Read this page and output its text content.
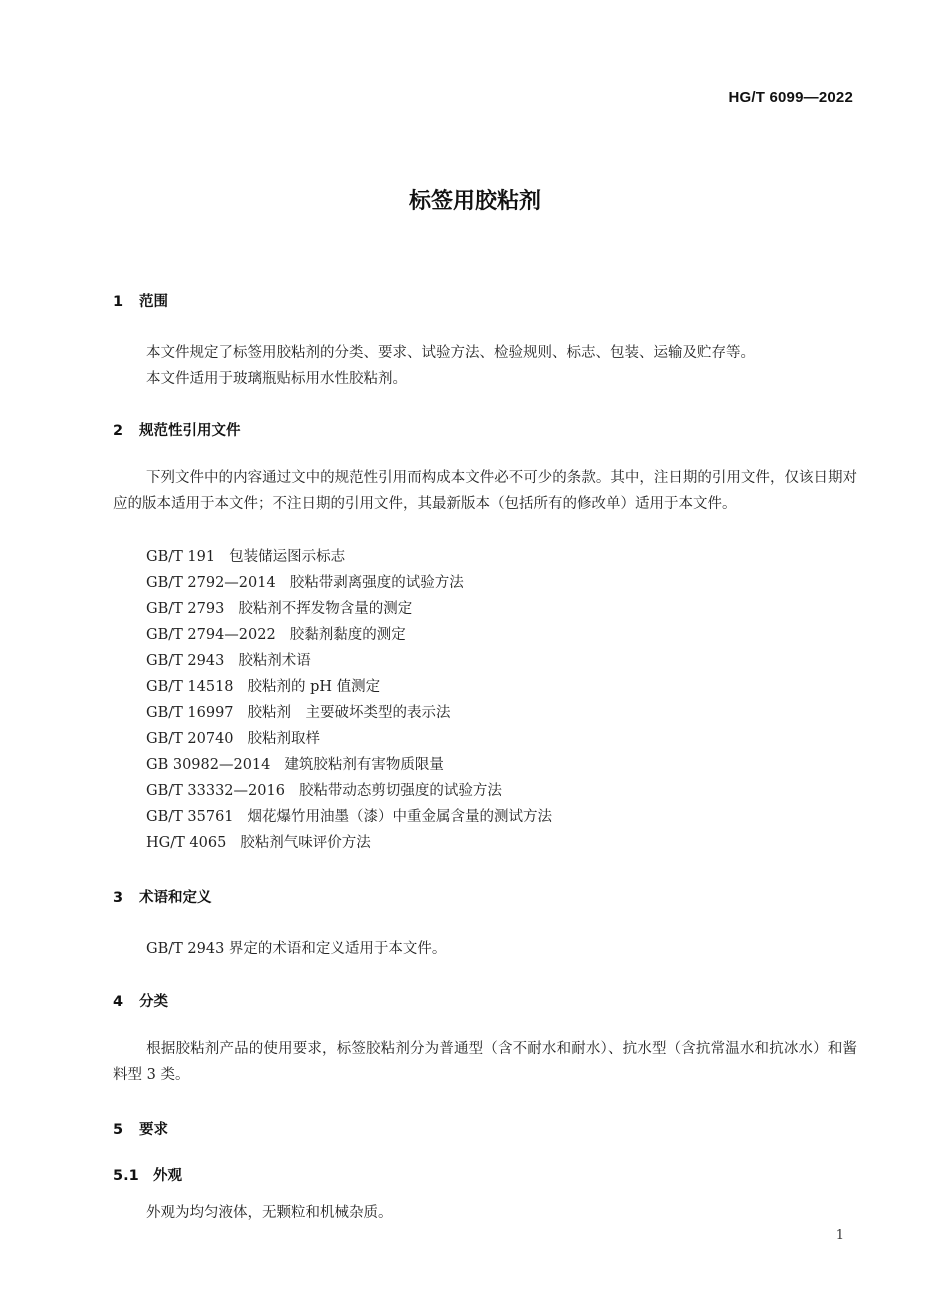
HG/T 6099—2022
标签用胶粘剂
1 范围
本文件规定了标签用胶粘剂的分类、要求、试验方法、检验规则、标志、包装、运输及贮存等。
本文件适用于玻璃瓶贴标用水性胶粘剂。
2 规范性引用文件
下列文件中的内容通过文中的规范性引用而构成本文件必不可少的条款。其中，注日期的引用文件，仅该日期对应的版本适用于本文件；不注日期的引用文件，其最新版本（包括所有的修改单）适用于本文件。
GB/T 191 包装储运图示标志
GB/T 2792—2014 胶粘带剥离强度的试验方法
GB/T 2793 胶粘剂不挥发物含量的测定
GB/T 2794—2022 胶黏剂黏度的测定
GB/T 2943 胶粘剂术语
GB/T 14518 胶粘剂的 pH 值测定
GB/T 16997 胶粘剂　主要破坏类型的表示法
GB/T 20740 胶粘剂取样
GB 30982—2014 建筑胶粘剂有害物质限量
GB/T 33332—2016 胶粘带动态剪切强度的试验方法
GB/T 35761 烟花爆竹用油墨（漆）中重金属含量的测试方法
HG/T 4065 胶粘剂气味评价方法
3 术语和定义
GB/T 2943 界定的术语和定义适用于本文件。
4 分类
根据胶粘剂产品的使用要求，标签胶粘剂分为普通型（含不耐水和耐水）、抗水型（含抗常温水和抗冰水）和酱料型 3 类。
5 要求
5.1 外观
外观为均匀液体，无颗粒和机械杂质。
1
